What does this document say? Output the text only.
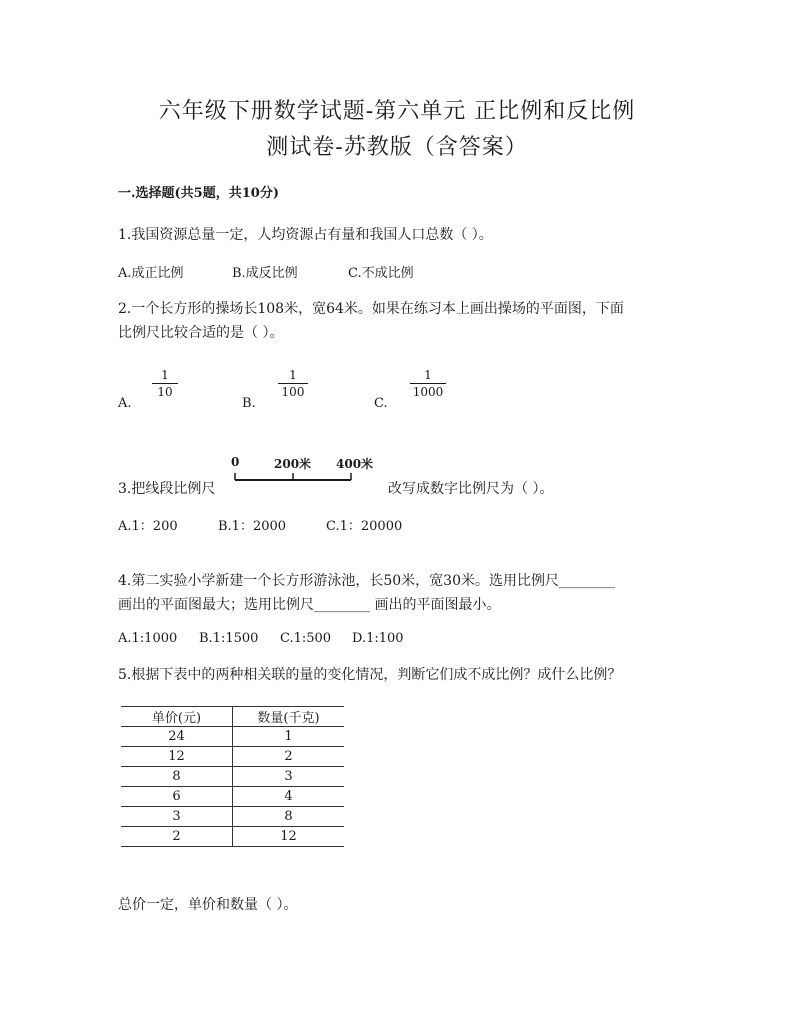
六年级下册数学试题-第六单元 正比例和反比例
测试卷-苏教版（含答案）
一.选择题(共5题，共10分)
1.我国资源总量一定，人均资源占有量和我国人口总数（ ）。
A.成正比例	B.成反比例	C.不成比例
2.一个长方形的操场长108米，宽64米。如果在练习本上画出操场的平面图，下面
比例尺比较合适的是（ ）。
A.
1
10
B.
1
100
C.
1
1000
0	200米 400米
3.把线段比例尺	改写成数字比例尺为（ ）。
A.1：200	B.1：2000	C.1：20000
4.第二实验小学新建一个长方形游泳池，长50米，宽30米。选用比例尺________
画出的平面图最大；选用比例尺________ 画出的平面图最小。
A.1:1000 B.1:1500 C.1:500 D.1:100
5.根据下表中的两种相关联的量的变化情况，判断它们成不成比例？成什么比例？
单价(元)	数量(千克)
24	1
12	2
8	3
6	4
3	8
2	12
总价一定，单价和数量（ ）。
